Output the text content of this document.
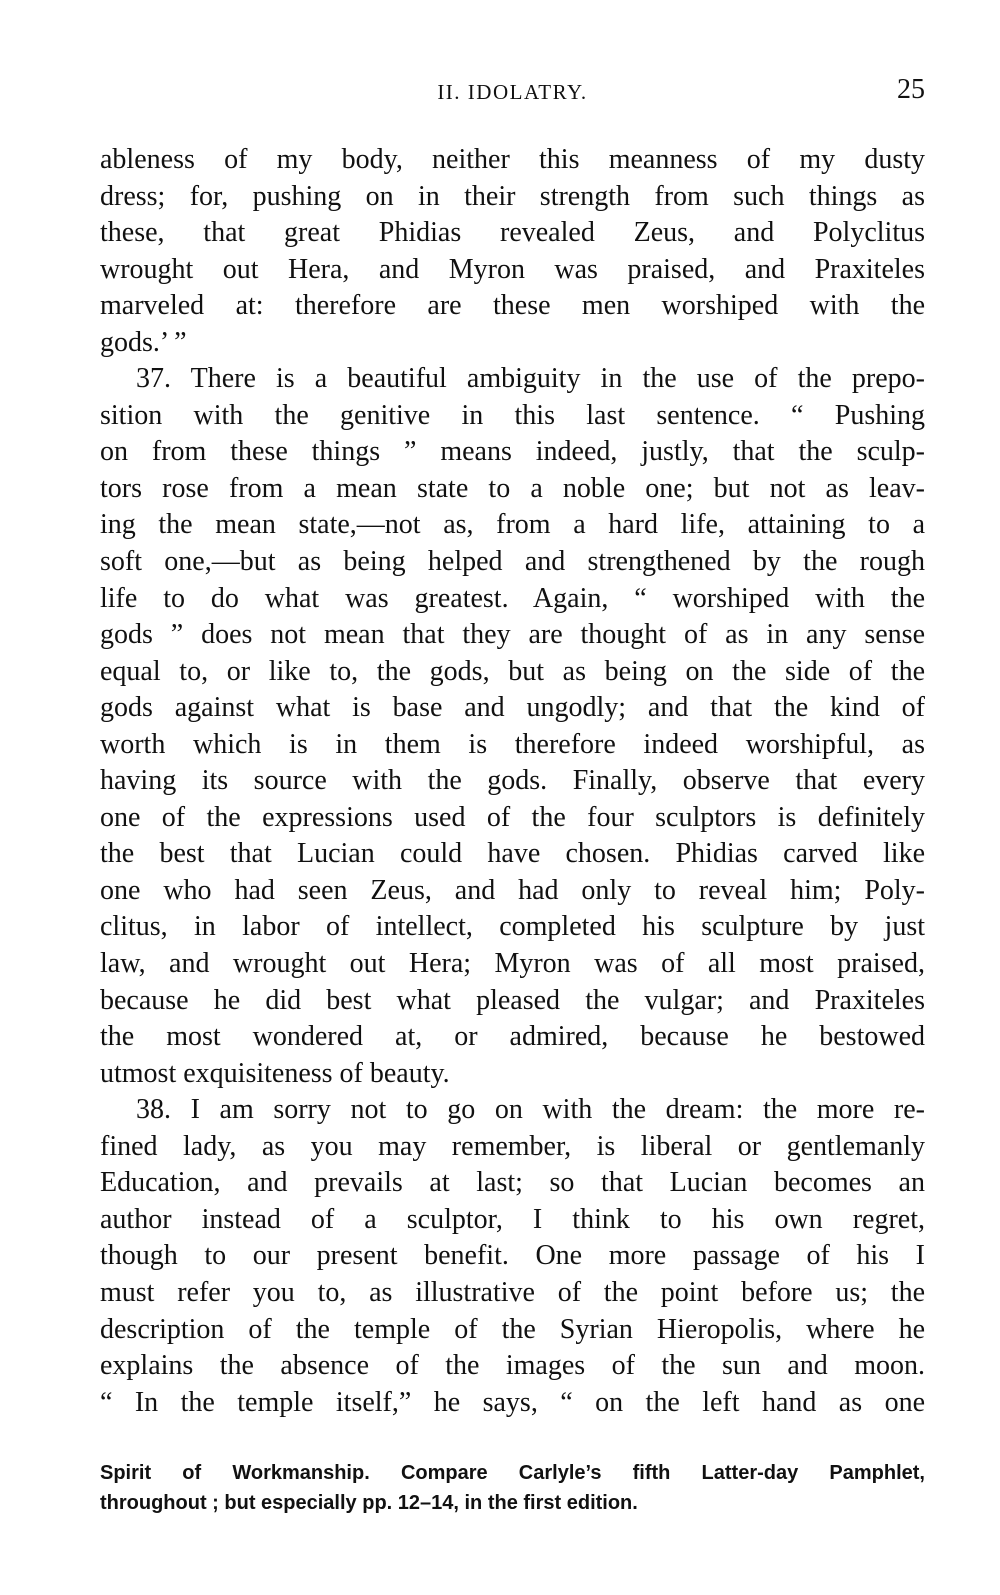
II. IDOLATRY.	25
ableness of my body, neither this meanness of my dusty
dress; for, pushing on in their strength from such things as
these, that great Phidias revealed Zeus, and Polyclitus
wrought out Hera, and Myron was praised, and Praxiteles
marveled at: therefore are these men worshiped with the
gods.’ ”
37. There is a beautiful ambiguity in the use of the prepo-
sition with the genitive in this last sentence. “ Pushing
on from these things ” means indeed, justly, that the sculp-
tors rose from a mean state to a noble one; but not as leav-
ing the mean state,—not as, from a hard life, attaining to a
soft one,—but as being helped and strengthened by the rough
life to do what was greatest. Again, “ worshiped with the
gods ” does not mean that they are thought of as in any sense
equal to, or like to, the gods, but as being on the side of the
gods against what is base and ungodly; and that the kind of
worth which is in them is therefore indeed worshipful, as
having its source with the gods. Finally, observe that every
one of the expressions used of the four sculptors is definitely
the best that Lucian could have chosen. Phidias carved like
one who had seen Zeus, and had only to reveal him; Poly-
clitus, in labor of intellect, completed his sculpture by just
law, and wrought out Hera; Myron was of all most praised,
because he did best what pleased the vulgar; and Praxiteles
the most wondered at, or admired, because he bestowed
utmost exquisiteness of beauty.
38. I am sorry not to go on with the dream: the more re-
fined lady, as you may remember, is liberal or gentlemanly
Education, and prevails at last; so that Lucian becomes an
author instead of a sculptor, I think to his own regret,
though to our present benefit. One more passage of his I
must refer you to, as illustrative of the point before us; the
description of the temple of the Syrian Hieropolis, where he
explains the absence of the images of the sun and moon.
“ In the temple itself,” he says, “ on the left hand as one
Spirit of Workmanship. Compare Carlyle’s fifth Latter-day Pamphlet,
throughout ; but especially pp. 12–14, in the first edition.
